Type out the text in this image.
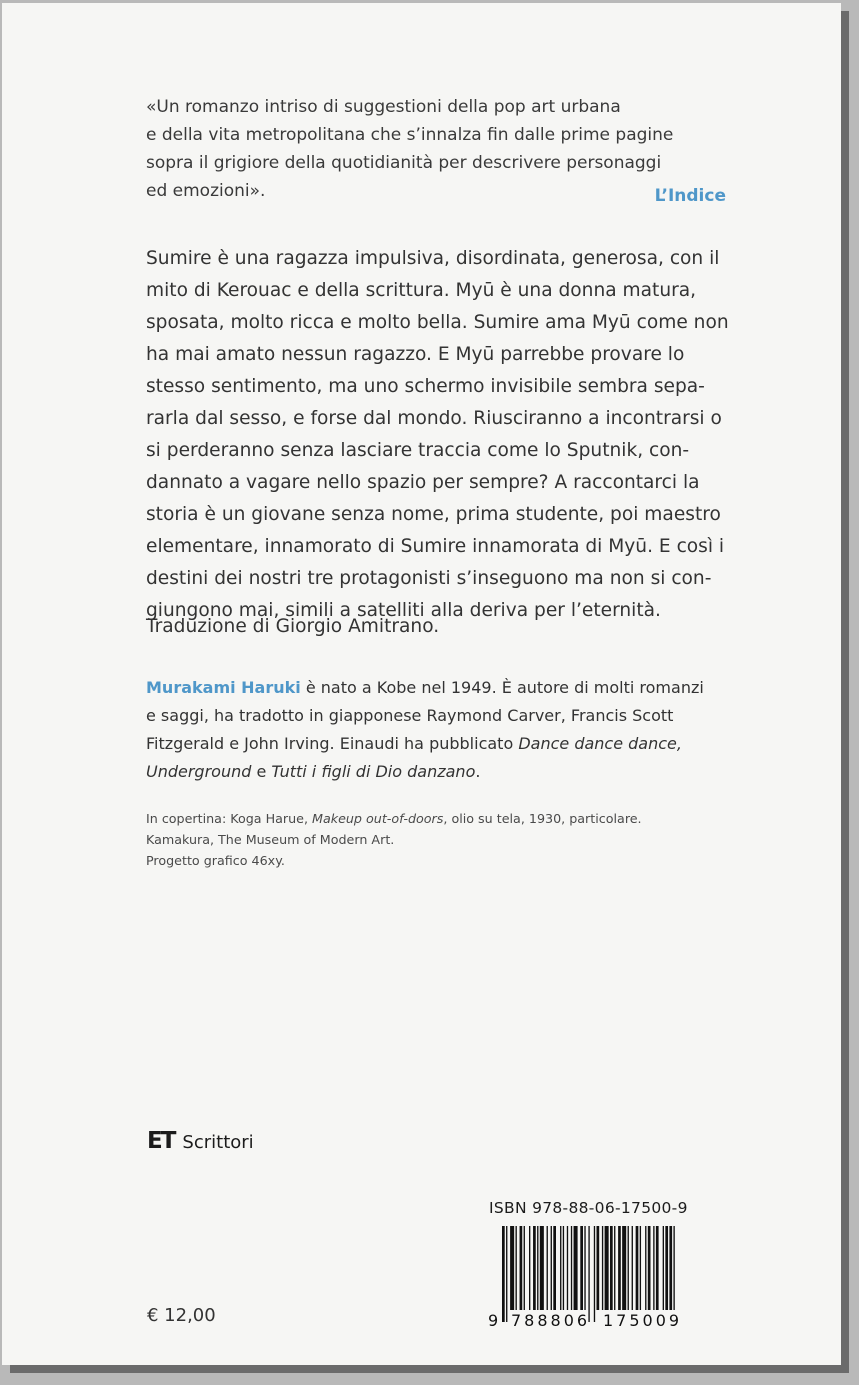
«Un romanzo intriso di suggestioni della pop art urbana

e della vita metropolitana che s’innalza fin dalle prime pagine

sopra il grigiore della quotidianità per descrivere personaggi

ed emozioni».	L’Indice

Sumire è una ragazza impulsiva, disordinata, generosa, con il

mito di Kerouac e della scrittura. Myū è una donna matura,

sposata, molto ricca e molto bella. Sumire ama Myū come non

ha mai amato nessun ragazzo. E Myū parrebbe provare lo

stesso sentimento, ma uno schermo invisibile sembra sepa-

rarla dal sesso, e forse dal mondo. Riusciranno a incontrarsi o

si perderanno senza lasciare traccia come lo Sputnik, con-

dannato a vagare nello spazio per sempre? A raccontarci la

storia è un giovane senza nome, prima studente, poi maestro

elementare, innamorato di Sumire innamorata di Myū. E così i

destini dei nostri tre protagonisti s’inseguono ma non si con-

giungono mai, simili a satelliti alla deriva per l’eternità.

Traduzione di Giorgio Amitrano.

Murakami Haruki è nato a Kobe nel 1949. È autore di molti romanzi

e saggi, ha tradotto in giapponese Raymond Carver, Francis Scott

Fitzgerald e John Irving. Einaudi ha pubblicato Dance dance dance,

Underground e Tutti i figli di Dio danzano.

In copertina: Koga Harue, Makeup out-of-doors, olio su tela, 1930, particolare.

Kamakura, The Museum of Modern Art.

Progetto grafico 46xy.

ET Scrittori
ISBN 978-88-06-17500-9
9 788806 175009
€ 12,00
